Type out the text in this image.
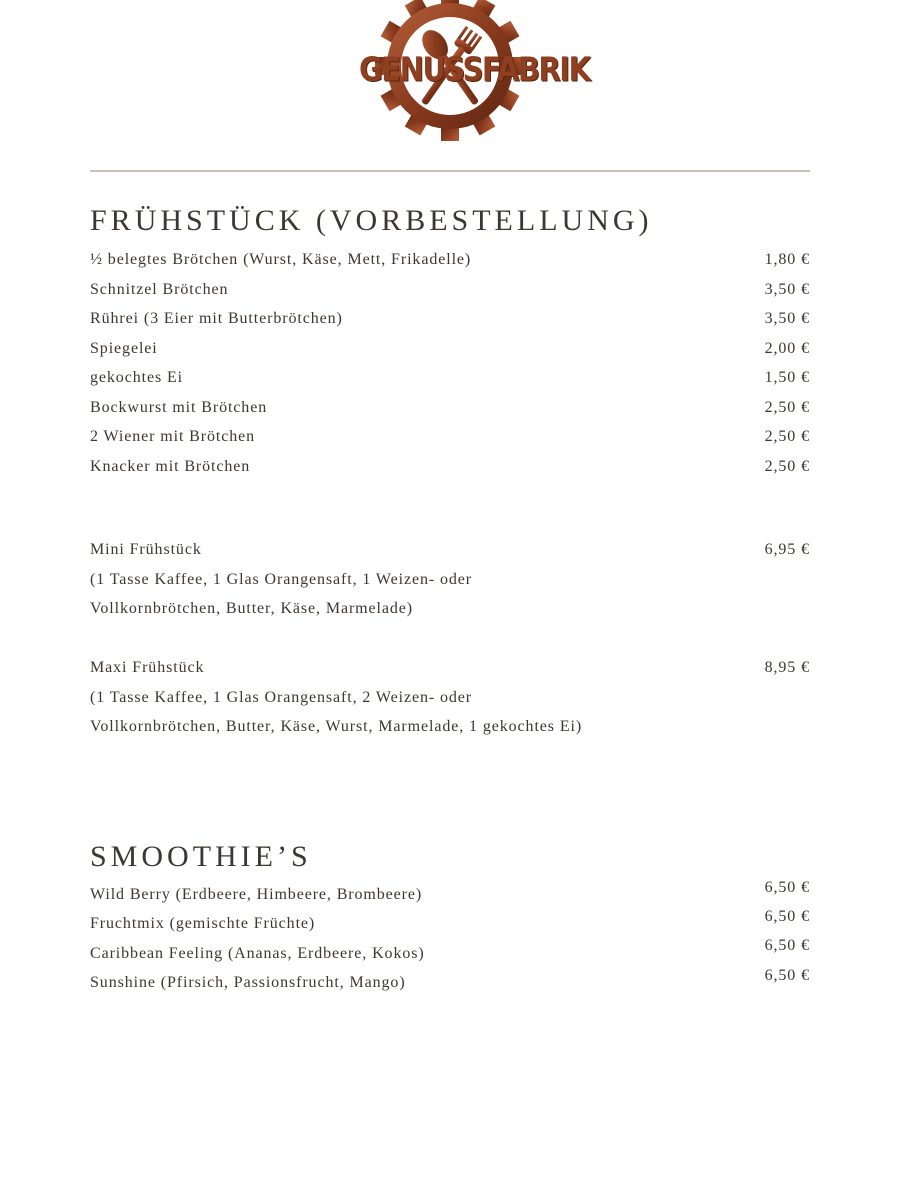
GENUSSFABRIK
FRÜHSTÜCK (VORBESTELLUNG)
½ belegtes Brötchen (Wurst, Käse, Mett, Frikadelle)	1,80 €
Schnitzel Brötchen	3,50 €
Rührei (3 Eier mit Butterbrötchen)	3,50 €
Spiegelei	2,00 €
gekochtes Ei	1,50 €
Bockwurst mit Brötchen	2,50 €
2 Wiener mit Brötchen	2,50 €
Knacker mit Brötchen	2,50 €
Mini Frühstück	6,95 €
(1 Tasse Kaffee, 1 Glas Orangensaft, 1 Weizen- oder
Vollkornbrötchen, Butter, Käse, Marmelade)
Maxi Frühstück	8,95 €
(1 Tasse Kaffee, 1 Glas Orangensaft, 2 Weizen- oder
Vollkornbrötchen, Butter, Käse, Wurst, Marmelade, 1 gekochtes Ei)
SMOOTHIE’S
Wild Berry (Erdbeere, Himbeere, Brombeere)	6,50 €
Fruchtmix (gemischte Früchte)	6,50 €
Caribbean Feeling (Ananas, Erdbeere, Kokos)	6,50 €
Sunshine (Pfirsich, Passionsfrucht, Mango)	6,50 €
